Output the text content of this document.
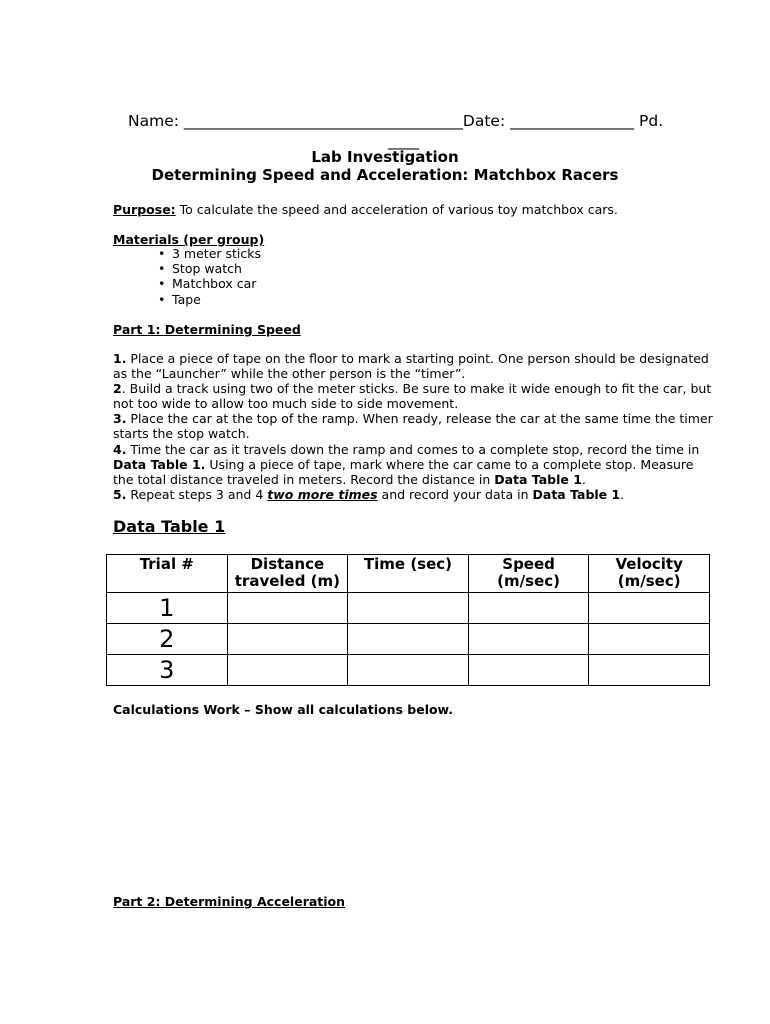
Name: ____________________________________Date: ________________ Pd.
____
Lab Investigation
Determining Speed and Acceleration: Matchbox Racers
Purpose: To calculate the speed and acceleration of various toy matchbox cars.
Materials (per group)
• 3 meter sticks
• Stop watch
• Matchbox car
• Tape
Part 1: Determining Speed

1. Place a piece of tape on the floor to mark a starting point. One person should be designated as the “Launcher” while the other person is the “timer”.

2. Build a track using two of the meter sticks. Be sure to make it wide enough to fit the car, but not too wide to allow too much side to side movement.

3. Place the car at the top of the ramp. When ready, release the car at the same time the timer starts the stop watch.

4. Time the car as it travels down the ramp and comes to a complete stop, record the time in Data Table 1. Using a piece of tape, mark where the car came to a complete stop. Measure the total distance traveled in meters. Record the distance in Data Table 1.

5. Repeat steps 3 and 4 two more times and record your data in Data Table 1.

Data Table 1
Trial #	Distance traveled (m)	Time (sec)	Speed (m/sec)	Velocity (m/sec)
1				
2				
3				
Calculations Work – Show all calculations below.
Part 2: Determining Acceleration
